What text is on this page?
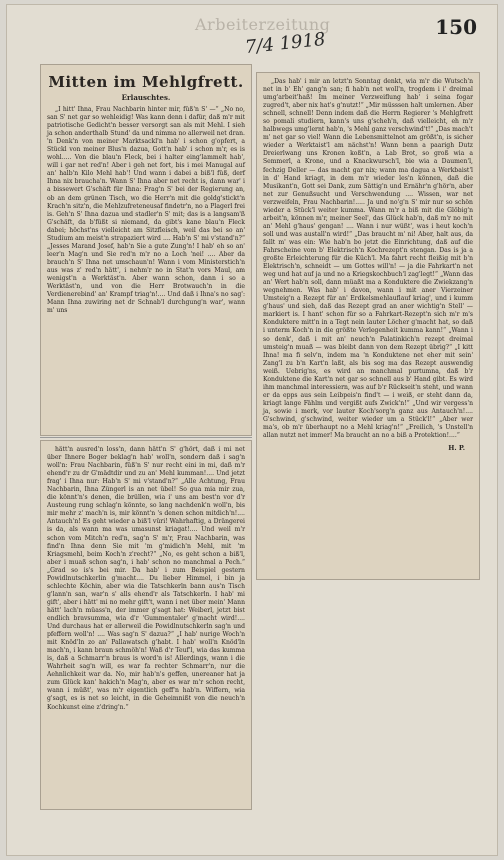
Arbeiterzeitung
7/4 1918
150
Mitten im Mehlgfrett.
Erlauschtes.

„I hitt' Ihna, Frau Nachbarin hinter mir, füß'n S' —“ „No no, san S' net gar so wehleidig! Was kann denn i dafür, daß m'r mit patriotische Gedicht'n besser versorgt san als mit Mehl. I sieh ja schon anderthalb Stund' da und nimma no allerweil net dran. 'n Denk'n von meiner Marktsackl'n hab' i schon g'opfert, a Stückl von meiner Blus'n dazua, Gott'n hab' i schon m'r, es is wohl..... Von die blau'n Fleck, bei i halter eing'lammelt hab', will i gar net red'n! Aber i geh net fort, bis i mei Manugal auf an' halb'n Kilo Mehl hab'! Und wann i dabei a biß'l füß, derf Ihna nix braucha'n. Wann S' Ihna aber net recht is, dann war' i a bissewert G'schäft für Ihna: Frag'n S' bei der Regierung an, ob an dem grünen Tisch, wo die Herr'n mit die goldg'stickt'n Krach'n sitz'n, die Mehlzufreteneusaf findetr'n, no a Plagerl frei is. Geh'n S' Ihna dazua und stadler'n S' mit; das is a langsam'ß G'schäft, da b'füßt si niemand, da gibt's kane blau'n Fleck dabei; höchst'ns vielleicht am Sitzfleisch, weil das bei so an' Studium am meist'n strapaziert wird .... Hab'n S' mi v'stand'n?“ „Jesses Marand Josef, hab'n Sie a gute Zung'n! I hab' eh so an' leer'n Mag'n und Sie red'n m'r no a Loch 'nei! .... Aber da brauch'n S' Ihna net umschaun'n! Wann i vom Ministerstich'n aus was z' red'n hätt', i nehm'r no in Stat'n vors Maul, am wenigst'n a Werktäst'n. Aber wann schon, dann i so a Werktäst'n, und von die Herr Brotwauch'n in die Verdienerebind' an' Krampf triag'n!.... Und daß i Ihna's no sag': Mann Ihna zuwiring net dr Schnab'l durchgung'n war', wann m' uns

hätt'n ausred'n loss'n, dann hätt'n S' g'hört, daß i mi net über Ihnere Boger beklag'n hab' woll'n, sondern daß i sag'n woll'n: Frau Nachbarin, füß'n S' nur recht eini in mi, daß m'r ehend'r zu dr G'mädtdir und zu an' Mehl kumman!.... Und jetzt frag' i Ihna nur: Hab'n S' mi v'stand'n?“ „Alle Achtung, Frau Nachbarin, Ihna Züngerl is an net übel! So gua mia mir zua, die könnt'n's denen, die brüllen, wia i' uns am best'n vor d'r Austeung rung schlag'n könnte, so lang nachdenk'n woll'n, bis mir mehr z' mach'n is, mir könnt'n 's denen schon mitdich'n!.... Antauch'n! Es geht wieder a biß'l vüri! Wahrhaftig, a Drängerei is da, als wann ma was umasunst kriagat!.... Und weil m'r schon vom Mitch'n red'n, sag'n S' m'r, Frau Nachbarin, was find'n Ihna denn Sie mit 'm g'midich'n Mehl, mit 'm Kriagsmehl, beim Koch'n z'recht?“ „No, es geht schon a biß'l, aber i muaß schon sag'n, i hab' schon no manchmal a Pech.“ „Grad so is's bei mir. Da hab' i zum Beispiel gestern Powidlnutschkerlin g'macht.... Du lieber Himmel, i bin ja schlechte Köchin, aber wia die Tatschkerln bann aus'n Tisch g'lann'n san, war'n s' alls ehend'r als Tatschkerln. I hab' mi gift', aber i hätt' mi no mehr gift't, wann i net über mein' Mann hätt' lach'n müass'n, der immer g'sagt hat: Weiberl, jetzt bist endlich bravsumma, wia d'r 'Gummentaler' g'macht wird!.... Und durchaus hat er allerweil die Powidlnutschkerln sag'n und pfeffern woll'n! .... Was sag'n S' dazua?“ „I hab' nurige Woch'n mit Knöd'ln zo an' Pallawatsch g'habt. I hab' woll'n Knöd'ln mach'n, i kann braun schmöh'n! Waß d'r Teuf'l, wia das kumma is, daß a Schmarr'n braus is word'n is! Allerdings, wann i die Wahrheit sag'n will, es war fa rechter Schmarr'n, nur die Aehnlichkeit war da. No, mir hab'n's geffen, unereaner hat ja zum Glück kan' hakich'n Mag'n, aber es war m'r schon recht, wann i müßt', was m'r eigentlich geff'n hab'n. Wiffern, wia g'sagt, es is net so leicht, in die Geheimnißt von die neuch'n Kochkunst eine z'dring'n.“

„Das hab' i mir an letzt'n Sonntag denkt, wia m'r die Wutsch'n net in b' Eh' gang'n san; fi hab'n net woll'n, trogdem i i' dreimal umg'arbeit'haß! Im meiner Verzweiflung hab' i seina fogar zugred't, aber nix hat's g'nutzt!“ „Mir müsssen halt umlernen. Aber schnell, schnell! Denn indem daß die Herrn Regierer 's Mehlgfrett so pomali studiern, kann's uns g'scheh'n, daß vielleicht, eh m'r halbwegs umg'lernt hab'n, 's Mehl ganz verschwind't!“ „Das mach't m' net gar so viel! Wann die Lebensmittelnot am größt'n, is sicher wieder a Werktaist'l am nächst'n! Wann benn a paarigh Dutz Dreierlwang uns Kronen koßt'n, a Lab Brot, so groß wia a Semmerl, a Krone, und a Knackwursch'l, bie wia a Daumen'l, fechzig Deller — das macht gar nix; wann ma dagua a Werkbaist'l in d' Hand kriagt, in dem m'r wieder les'n können, daß die Musikant'n, Gott sei Dank, zum Sättig'n und Ernähr'n g'hör'n, aber net zur Genußsucht und Verschwendung .... Wissen, war net verzweifeln, Frau Nachbarin!..... Ja und no'g'n S' mir nur so schön wieder a Stück'l weiter kumma. Wann m'r a biß mit die Glöbig'n arbeit'n, können m'r, meiner Seel', das Glück hab'n, daß m'r no mit an' Mehl g'haus' gengan! .... Wann i nur wüßt', was i heut koch'n soll und was austall'n wird!“ „Das braucht m' ni! Aber, halt aus, da fallt m' was ein: Wie hab'n bo jetzt die Einrichtung, daß auf die Fahrscheine vom b' Elektrisch'n Kochrezept'n stengan. Das is ja a großte Erleichterung für die Küch'l. Ma fahrt recht fleißig mit b'n Elektrisch'n, schneidt — um Gottes will'n! — ja die Fahrkart'n net weg und hat auf ja und no a Kriegskochbuch'l zag'legt!“ „Wann das an' Wert hab'n soll, dann müaßt ma a Konduktere die Zwiekzang'n wegnehmen. Was hab' i davon, wann i mit aner Vierzeiner Umsteig'n a Rezept für an' Erdkelsmehlauflauf kriag', und i kumm g'haus' und sieh, daß das Rezept grad an aner wichtig'n Stell' — markiert is. I hant' schon für so a Fahrkart-Rezept'n sich m'r m's Konduktere mitt'n in a Tegt nein lauter Löcher g'macht hat, so daß i unterm Koch'n in die größte Verlegenheit kumma kann!“ „Wann i so denk', daß i mit an' neuch'n Palatinkich'n rezept dreimal umsteig'n muaß — was bleibt dann von dem Rezept übrig?“ „I kitt Ihna! ma fi selv'n, indem ma 'n Konduktene net eher mit sein' Zang'l zu b'n Kart'n laßt, als bis sog ma das Rezept auswendig weiß. Uebrig'ns, es wird an manchmal purtumna, daß b'r Konduktene die Kart'n net gar so schnell aus b' Hand gibt. Es wird ihm manchmal interessiern, was auf b'r Rückseit'n steht, und wann er da epps aus sein Leibpeis'n find't — i weiß, er steht dann da, kriagt lange Fählm und vergißt aufs Zwick'n!“ „Und wir vergess'n ja, sowie i merk, vor lauter Koch'sorg'n ganz aus Antauch'n!.... G'schwind, g'schwind, weiter wieder um a Stück'l!“ „Aber wer ma's, ob m'r überhaupt no a Mehl kriag'n!“ „Freilich, 's Unstell'n allan nutzt net immer! Ma braucht an no a biß a Protektion!....“

H. P.
